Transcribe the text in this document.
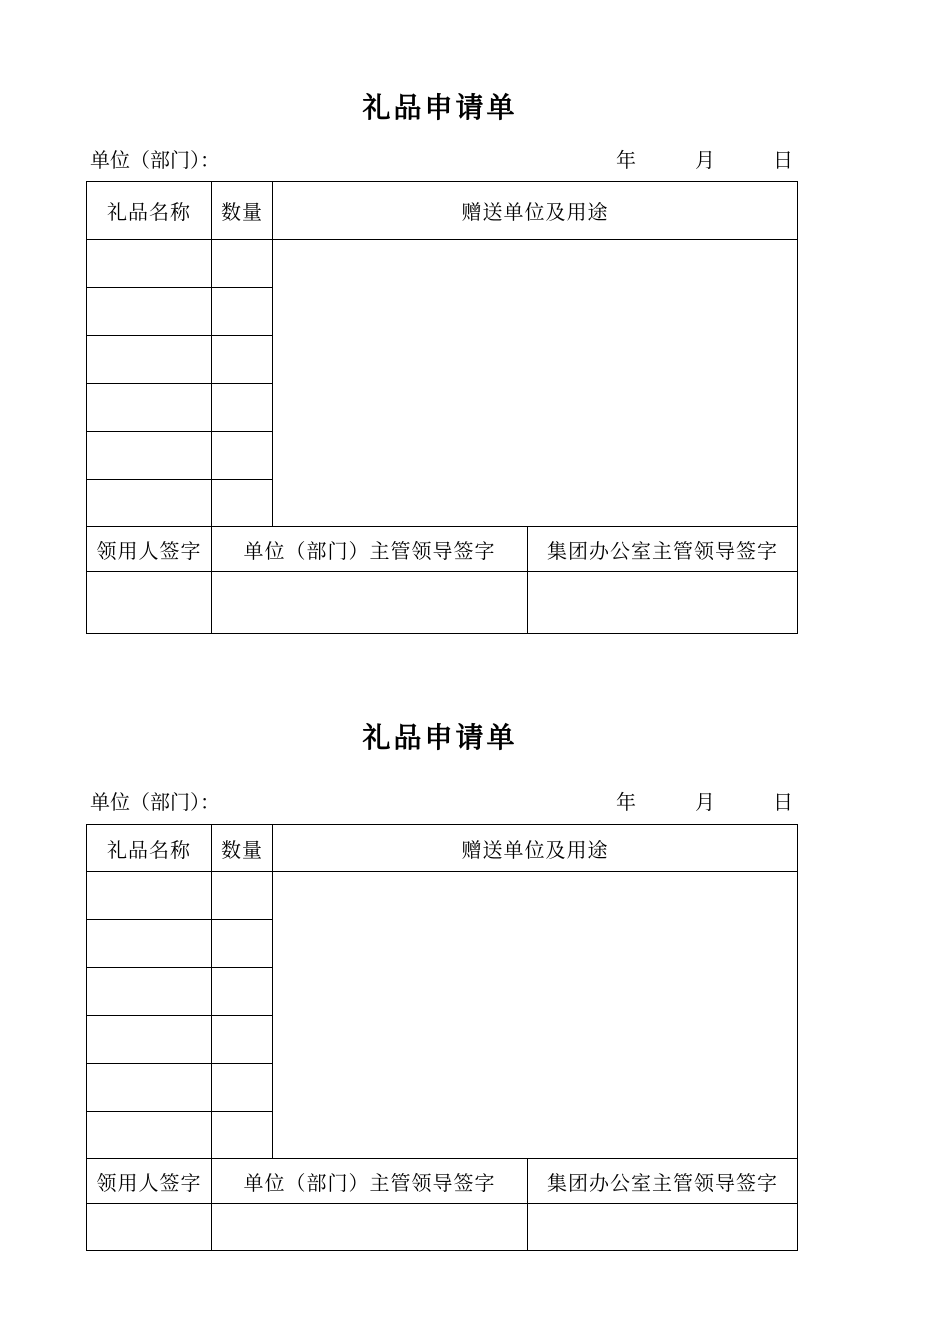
礼品申请单
单位（部门）：	年	月	日
礼品名称	数量	赠送单位及用途	

领用人签字	单位（部门）主管领导签字		集团办公室主管领导签字

礼品申请单
单位（部门）：	年	月	日
礼品名称	数量	赠送单位及用途	

领用人签字	单位（部门）主管领导签字		集团办公室主管领导签字
